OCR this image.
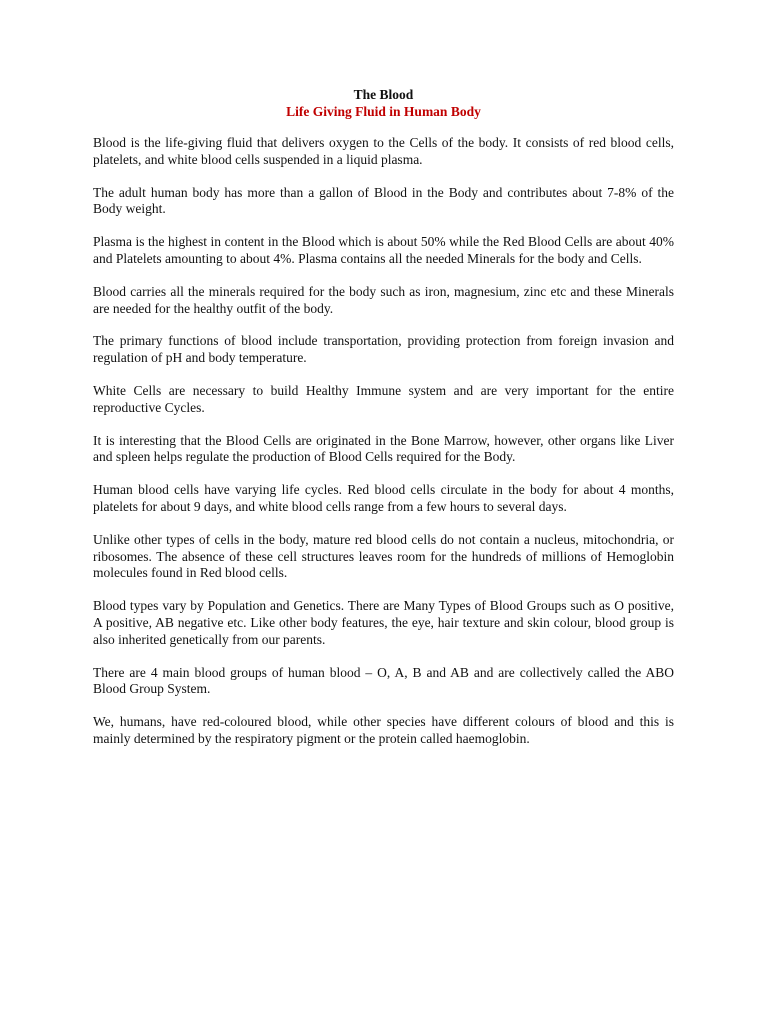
The Blood
Life Giving Fluid in Human Body

Blood is the life-giving fluid that delivers oxygen to the Cells of the body. It consists of red blood cells, platelets, and white blood cells suspended in a liquid plasma.

The adult human body has more than a gallon of Blood in the Body and contributes about 7-8% of the Body weight.

Plasma is the highest in content in the Blood which is about 50% while the Red Blood Cells are about 40% and Platelets amounting to about 4%. Plasma contains all the needed Minerals for the body and Cells.

Blood carries all the minerals required for the body such as iron, magnesium, zinc etc and these Minerals are needed for the healthy outfit of the body.

The primary functions of blood include transportation, providing protection from foreign invasion and regulation of pH and body temperature.

White Cells are necessary to build Healthy Immune system and are very important for the entire reproductive Cycles.

It is interesting that the Blood Cells are originated in the Bone Marrow, however, other organs like Liver and spleen helps regulate the production of Blood Cells required for the Body.

Human blood cells have varying life cycles. Red blood cells circulate in the body for about 4 months, platelets for about 9 days, and white blood cells range from a few hours to several days.

Unlike other types of cells in the body, mature red blood cells do not contain a nucleus, mitochondria, or ribosomes. The absence of these cell structures leaves room for the hundreds of millions of Hemoglobin molecules found in Red blood cells.

Blood types vary by Population and Genetics. There are Many Types of Blood Groups such as O positive, A positive, AB negative etc. Like other body features, the eye, hair texture and skin colour, blood group is also inherited genetically from our parents.

There are 4 main blood groups of human blood – O, A, B and AB and are collectively called the ABO Blood Group System.

We, humans, have red-coloured blood, while other species have different colours of blood and this is mainly determined by the respiratory pigment or the protein called haemoglobin.
